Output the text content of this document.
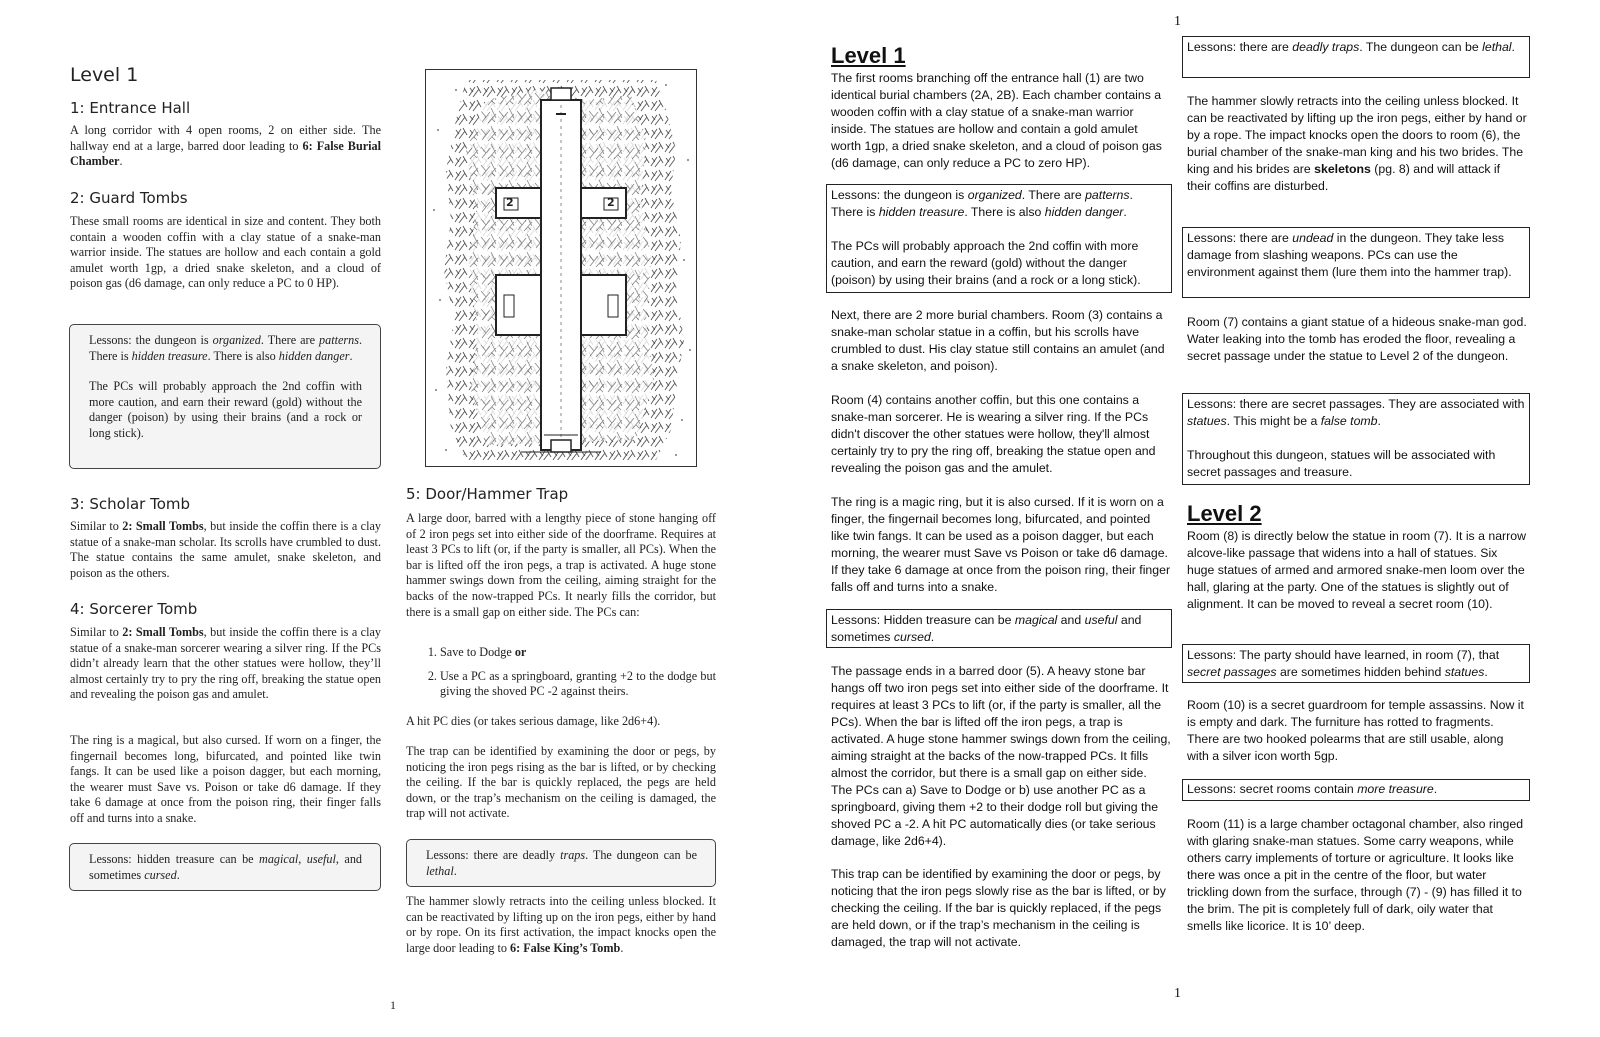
Level 1
1: Entrance Hall

A long corridor with 4 open rooms, 2 on either side. The hallway end at a large, barred door leading to 6: False Burial Chamber.

2: Guard Tombs

These small rooms are identical in size and content. They both contain a wooden coffin with a clay statue of a snake-man warrior inside. The statues are hollow and each contain a gold amulet worth 1gp, a dried snake skeleton, and a cloud of poison gas (d6 damage, can only reduce a PC to 0 HP).

Lessons: the dungeon is organized. There are patterns. There is hidden treasure. There is also hidden danger.

The PCs will probably approach the 2nd coffin with more caution, and earn their reward (gold) without the danger (poison) by using their brains (and a rock or long stick).

3: Scholar Tomb

Similar to 2: Small Tombs, but inside the coffin there is a clay statue of a snake-man scholar. Its scrolls have crumbled to dust. The statue contains the same amulet, snake skeleton, and poison as the others.

4: Sorcerer Tomb

Similar to 2: Small Tombs, but inside the coffin there is a clay statue of a snake-man sorcerer wearing a silver ring. If the PCs didn’t already learn that the other statues were hollow, they’ll almost certainly try to pry the ring off, breaking the statue open and revealing the poison gas and amulet.

The ring is a magical, but also cursed. If worn on a finger, the fingernail becomes long, bifurcated, and pointed like twin fangs. It can be used like a poison dagger, but each morning, the wearer must Save vs. Poison or take d6 damage. If they take 6 damage at once from the poison ring, their finger falls off and turns into a snake.

Lessons: hidden treasure can be magical, useful, and sometimes cursed.

2	2
5: Door/Hammer Trap

A large door, barred with a lengthy piece of stone hanging off of 2 iron pegs set into either side of the doorframe. Requires at least 3 PCs to lift (or, if the party is smaller, all PCs). When the bar is lifted off the iron pegs, a trap is activated. A huge stone hammer swings down from the ceiling, aiming straight for the backs of the now-trapped PCs. It nearly fills the corridor, but there is a small gap on either side. The PCs can:

1. Save to Dodge or
2. Use a PC as a springboard, granting +2 to the dodge but giving the shoved PC -2 against theirs.

A hit PC dies (or takes serious damage, like 2d6+4).

The trap can be identified by examining the door or pegs, by noticing the iron pegs rising as the bar is lifted, or by checking the ceiling. If the bar is quickly replaced, the pegs are held down, or the trap’s mechanism on the ceiling is damaged, the trap will not activate.

Lessons: there are deadly traps. The dungeon can be lethal.

The hammer slowly retracts into the ceiling unless blocked. It can be reactivated by lifting up on the iron pegs, either by hand or by rope. On its first activation, the impact knocks open the large door leading to 6: False King’s Tomb.

1
1
Level 1

The first rooms branching off the entrance hall (1) are two identical burial chambers (2A, 2B). Each chamber contains a wooden coffin with a clay statue of a snake-man warrior inside. The statues are hollow and contain a gold amulet worth 1gp, a dried snake skeleton, and a cloud of poison gas (d6 damage, can only reduce a PC to zero HP).

Lessons: the dungeon is organized. There are patterns. There is hidden treasure. There is also hidden danger.

The PCs will probably approach the 2nd coffin with more caution, and earn the reward (gold) without the danger (poison) by using their brains (and a rock or a long stick).

Next, there are 2 more burial chambers. Room (3) contains a snake-man scholar statue in a coffin, but his scrolls have crumbled to dust. His clay statue still contains an amulet (and a snake skeleton, and poison).

Room (4) contains another coffin, but this one contains a snake-man sorcerer. He is wearing a silver ring. If the PCs didn't discover the other statues were hollow, they'll almost certainly try to pry the ring off, breaking the statue open and revealing the poison gas and the amulet.

The ring is a magic ring, but it is also cursed. If it is worn on a finger, the fingernail becomes long, bifurcated, and pointed like twin fangs. It can be used as a poison dagger, but each morning, the wearer must Save vs Poison or take d6 damage. If they take 6 damage at once from the poison ring, their finger falls off and turns into a snake.

Lessons: Hidden treasure can be magical and useful and sometimes cursed.

The passage ends in a barred door (5). A heavy stone bar hangs off two iron pegs set into either side of the doorframe. It requires at least 3 PCs to lift (or, if the party is smaller, all the PCs). When the bar is lifted off the iron pegs, a trap is activated. A huge stone hammer swings down from the ceiling, aiming straight at the backs of the now-trapped PCs. It fills almost the corridor, but there is a small gap on either side. The PCs can a) Save to Dodge or b) use another PC as a springboard, giving them +2 to their dodge roll but giving the shoved PC a -2. A hit PC automatically dies (or take serious damage, like 2d6+4).

This trap can be identified by examining the door or pegs, by noticing that the iron pegs slowly rise as the bar is lifted, or by checking the ceiling. If the bar is quickly replaced, if the pegs are held down, or if the trap’s mechanism in the ceiling is damaged, the trap will not activate.

Lessons: there are deadly traps. The dungeon can be lethal.

The hammer slowly retracts into the ceiling unless blocked. It can be reactivated by lifting up the iron pegs, either by hand or by a rope. The impact knocks open the doors to room (6), the burial chamber of the snake-man king and his two brides. The king and his brides are skeletons (pg. 8) and will attack if their coffins are disturbed.

Lessons: there are undead in the dungeon. They take less damage from slashing weapons. PCs can use the environment against them (lure them into the hammer trap).

Room (7) contains a giant statue of a hideous snake-man god. Water leaking into the tomb has eroded the floor, revealing a secret passage under the statue to Level 2 of the dungeon.

Lessons: there are secret passages. They are associated with statues. This might be a false tomb.

Throughout this dungeon, statues will be associated with secret passages and treasure.

Level 2

Room (8) is directly below the statue in room (7). It is a narrow alcove-like passage that widens into a hall of statues. Six huge statues of armed and armored snake-men loom over the hall, glaring at the party. One of the statues is slightly out of alignment. It can be moved to reveal a secret room (10).

Lessons: The party should have learned, in room (7), that secret passages are sometimes hidden behind statues.

Room (10) is a secret guardroom for temple assassins. Now it is empty and dark. The furniture has rotted to fragments. There are two hooked polearms that are still usable, along with a silver icon worth 5gp.

Lessons: secret rooms contain more treasure.

Room (11) is a large chamber octagonal chamber, also ringed with glaring snake-man statues. Some carry weapons, while others carry implements of torture or agriculture. It looks like there was once a pit in the centre of the floor, but water trickling down from the surface, through (7) - (9) has filled it to the brim. The pit is completely full of dark, oily water that smells like licorice. It is 10’ deep.

1
